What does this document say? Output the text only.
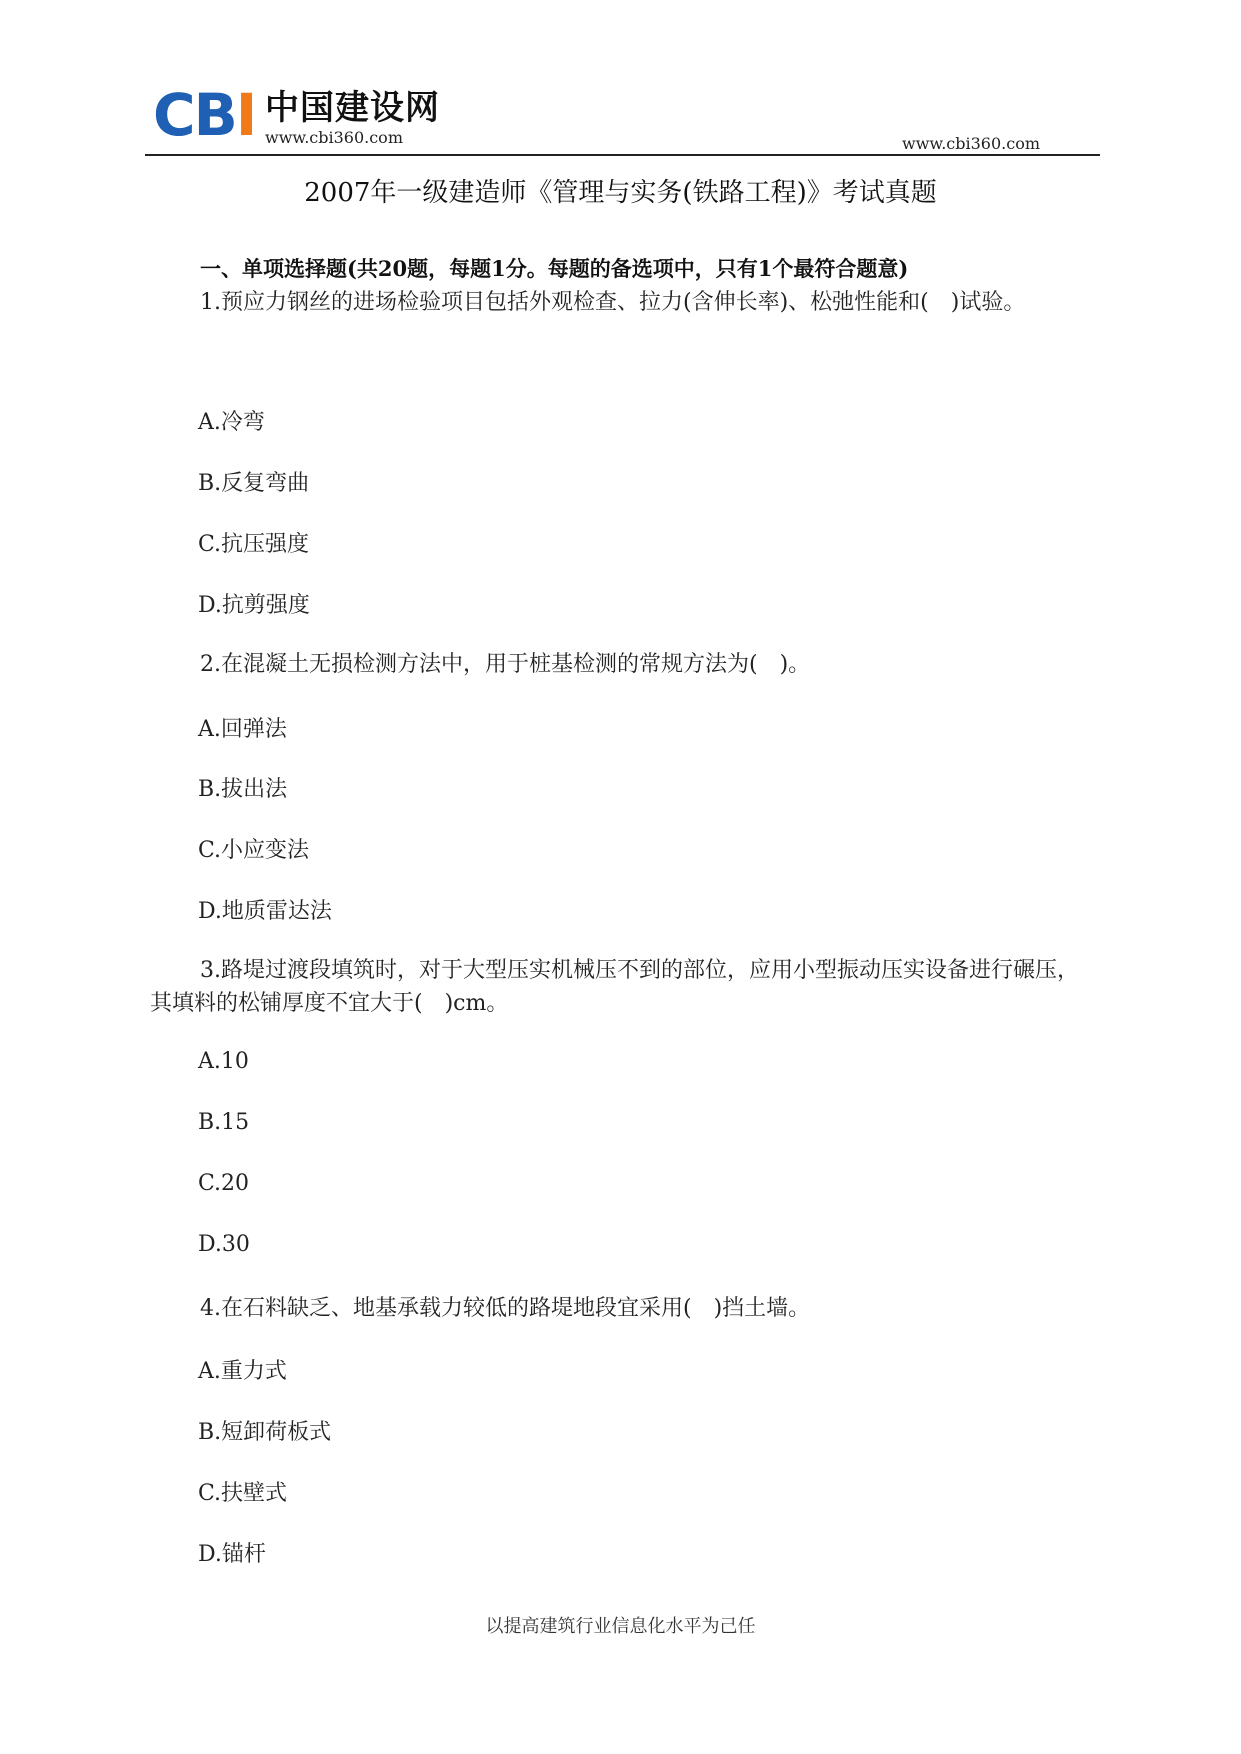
CBI 中国建设网
www.cbi360.com	www.cbi360.com
2007年一级建造师《管理与实务(铁路工程)》考试真题
一、单项选择题(共20题，每题1分。每题的备选项中，只有1个最符合题意)

1.预应力钢丝的进场检验项目包括外观检查、拉力(含伸长率)、松弛性能和(　)试验。

A.冷弯
B.反复弯曲
C.抗压强度
D.抗剪强度

2.在混凝土无损检测方法中，用于桩基检测的常规方法为(　)。

A.回弹法
B.拔出法
C.小应变法
D.地质雷达法

3.路堤过渡段填筑时，对于大型压实机械压不到的部位，应用小型振动压实设备进行碾压，其填料的松铺厚度不宜大于(　)cm。

A.10
B.15
C.20
D.30

4.在石料缺乏、地基承载力较低的路堤地段宜采用(　)挡土墙。

A.重力式
B.短卸荷板式
C.扶壁式
D.锚杆
以提高建筑行业信息化水平为己任
